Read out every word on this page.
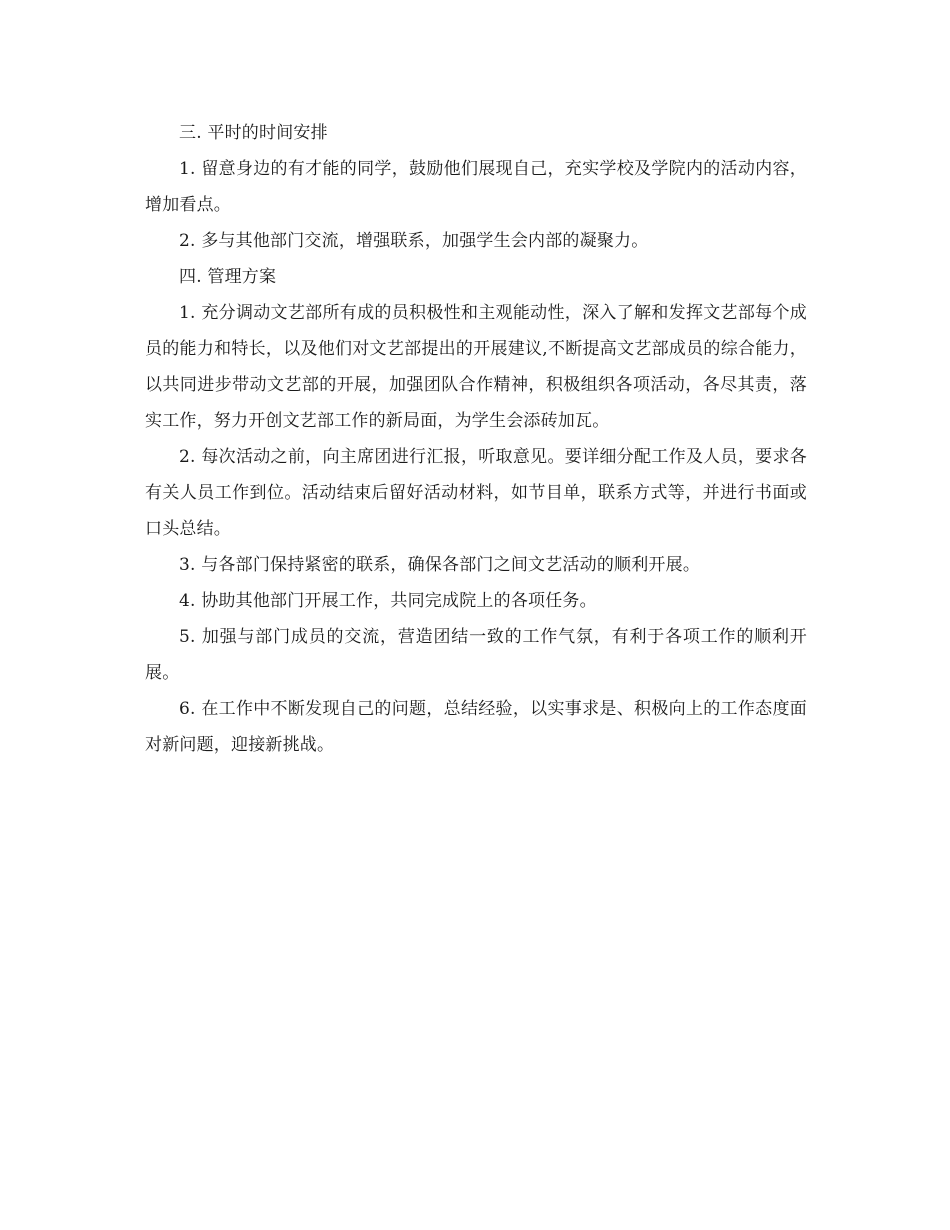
三. 平时的时间安排

1. 留意身边的有才能的同学，鼓励他们展现自己，充实学校及学院内的活动内容，增加看点。

2. 多与其他部门交流，增强联系，加强学生会内部的凝聚力。

四. 管理方案

1. 充分调动文艺部所有成的员积极性和主观能动性，深入了解和发挥文艺部每个成员的能力和特长，以及他们对文艺部提出的开展建议,不断提高文艺部成员的综合能力，以共同进步带动文艺部的开展，加强团队合作精神，积极组织各项活动，各尽其责，落实工作，努力开创文艺部工作的新局面，为学生会添砖加瓦。

2. 每次活动之前，向主席团进行汇报，听取意见。要详细分配工作及人员，要求各有关人员工作到位。活动结束后留好活动材料，如节目单，联系方式等，并进行书面或口头总结。

3. 与各部门保持紧密的联系，确保各部门之间文艺活动的顺利开展。

4. 协助其他部门开展工作，共同完成院上的各项任务。

5. 加强与部门成员的交流，营造团结一致的工作气氛，有利于各项工作的顺利开展。

6. 在工作中不断发现自己的问题，总结经验，以实事求是、积极向上的工作态度面对新问题，迎接新挑战。
